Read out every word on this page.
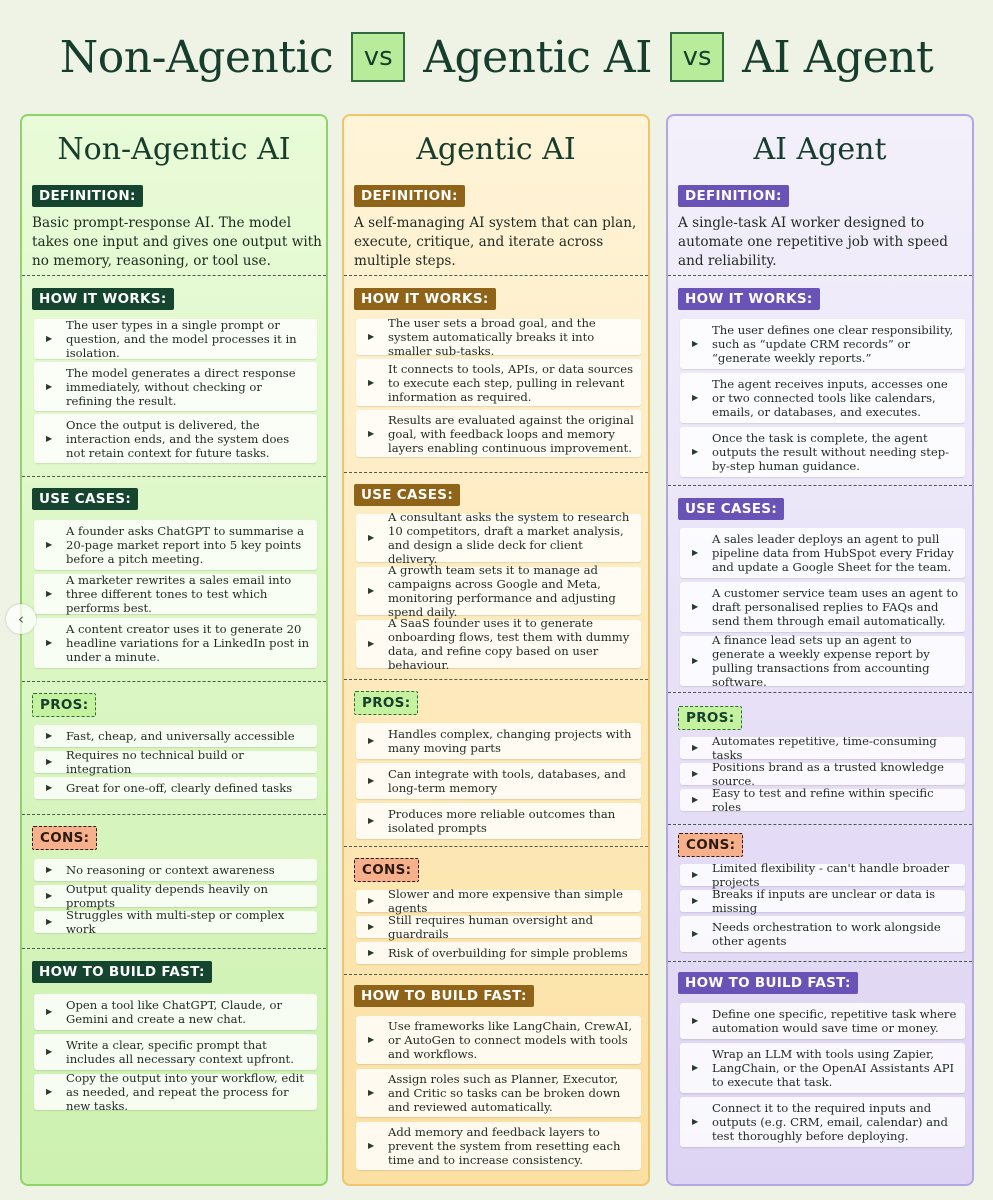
Non-Agentic	vs Agentic AI	vs AI Agent
Non-Agentic AI
DEFINITION:
Basic prompt-response AI. The model takes one input and gives one output with no memory, reasoning, or tool use.
HOW IT WORKS:
▶
The user types in a single prompt or question, and the model processes it in isolation.
▶
The model generates a direct response immediately, without checking or refining the result.
▶
Once the output is delivered, the interaction ends, and the system does not retain context for future tasks.
USE CASES:
▶
A founder asks ChatGPT to summarise a 20-page market report into 5 key points before a pitch meeting.
▶
A marketer rewrites a sales email into three different tones to test which performs best.
▶
A content creator uses it to generate 20 headline variations for a LinkedIn post in under a minute.
PROS:
▶ Fast, cheap, and universally accessible
▶ Requires no technical build or integration
▶ Great for one-off, clearly defined tasks
CONS:
▶ No reasoning or context awareness
▶ Output quality depends heavily on prompts
▶ Struggles with multi-step or complex work
HOW TO BUILD FAST:
▶ Open a tool like ChatGPT, Claude, or Gemini and create a new chat.
▶ Write a clear, specific prompt that includes all necessary context upfront.
▶
Copy the output into your workflow, edit as needed, and repeat the process for new tasks.
Agentic AI
DEFINITION:
A self-managing AI system that can plan, execute, critique, and iterate across multiple steps.
HOW IT WORKS:
▶
The user sets a broad goal, and the system automatically breaks it into smaller sub-tasks.
▶
It connects to tools, APIs, or data sources to execute each step, pulling in relevant information as required.
▶
Results are evaluated against the original goal, with feedback loops and memory layers enabling continuous improvement.
USE CASES:
▶
A consultant asks the system to research 10 competitors, draft a market analysis, and design a slide deck for client delivery.
▶
A growth team sets it to manage ad campaigns across Google and Meta, monitoring performance and adjusting spend daily.
▶
A SaaS founder uses it to generate onboarding flows, test them with dummy data, and refine copy based on user behaviour.
PROS:
▶ Handles complex, changing projects with many moving parts
▶ Can integrate with tools, databases, and long-term memory
▶ Produces more reliable outcomes than isolated prompts
CONS:
▶ Slower and more expensive than simple agents
▶ Still requires human oversight and guardrails
▶ Risk of overbuilding for simple problems
HOW TO BUILD FAST:
▶
Use frameworks like LangChain, CrewAI, or AutoGen to connect models with tools and workflows.
▶
Assign roles such as Planner, Executor, and Critic so tasks can be broken down and reviewed automatically.
▶
Add memory and feedback layers to prevent the system from resetting each time and to increase consistency.
AI Agent
DEFINITION:
A single-task AI worker designed to automate one repetitive job with speed and reliability.
HOW IT WORKS:
▶
The user defines one clear responsibility, such as “update CRM records” or “generate weekly reports.”
▶
The agent receives inputs, accesses one or two connected tools like calendars, emails, or databases, and executes.
▶
Once the task is complete, the agent outputs the result without needing step-by-step human guidance.
USE CASES:
▶
A sales leader deploys an agent to pull pipeline data from HubSpot every Friday and update a Google Sheet for the team.
▶
A customer service team uses an agent to draft personalised replies to FAQs and send them through email automatically.
▶
A finance lead sets up an agent to generate a weekly expense report by pulling transactions from accounting software.
PROS:
▶ Automates repetitive, time-consuming tasks
▶ Positions brand as a trusted knowledge source.
▶ Easy to test and refine within specific roles
CONS:
▶ Limited flexibility - can't handle broader projects
▶ Breaks if inputs are unclear or data is missing
▶ Needs orchestration to work alongside other agents
HOW TO BUILD FAST:
▶ Define one specific, repetitive task where automation would save time or money.
▶
Wrap an LLM with tools using Zapier, LangChain, or the OpenAI Assistants API to execute that task.
▶
Connect it to the required inputs and outputs (e.g. CRM, email, calendar) and test thoroughly before deploying.
‹
